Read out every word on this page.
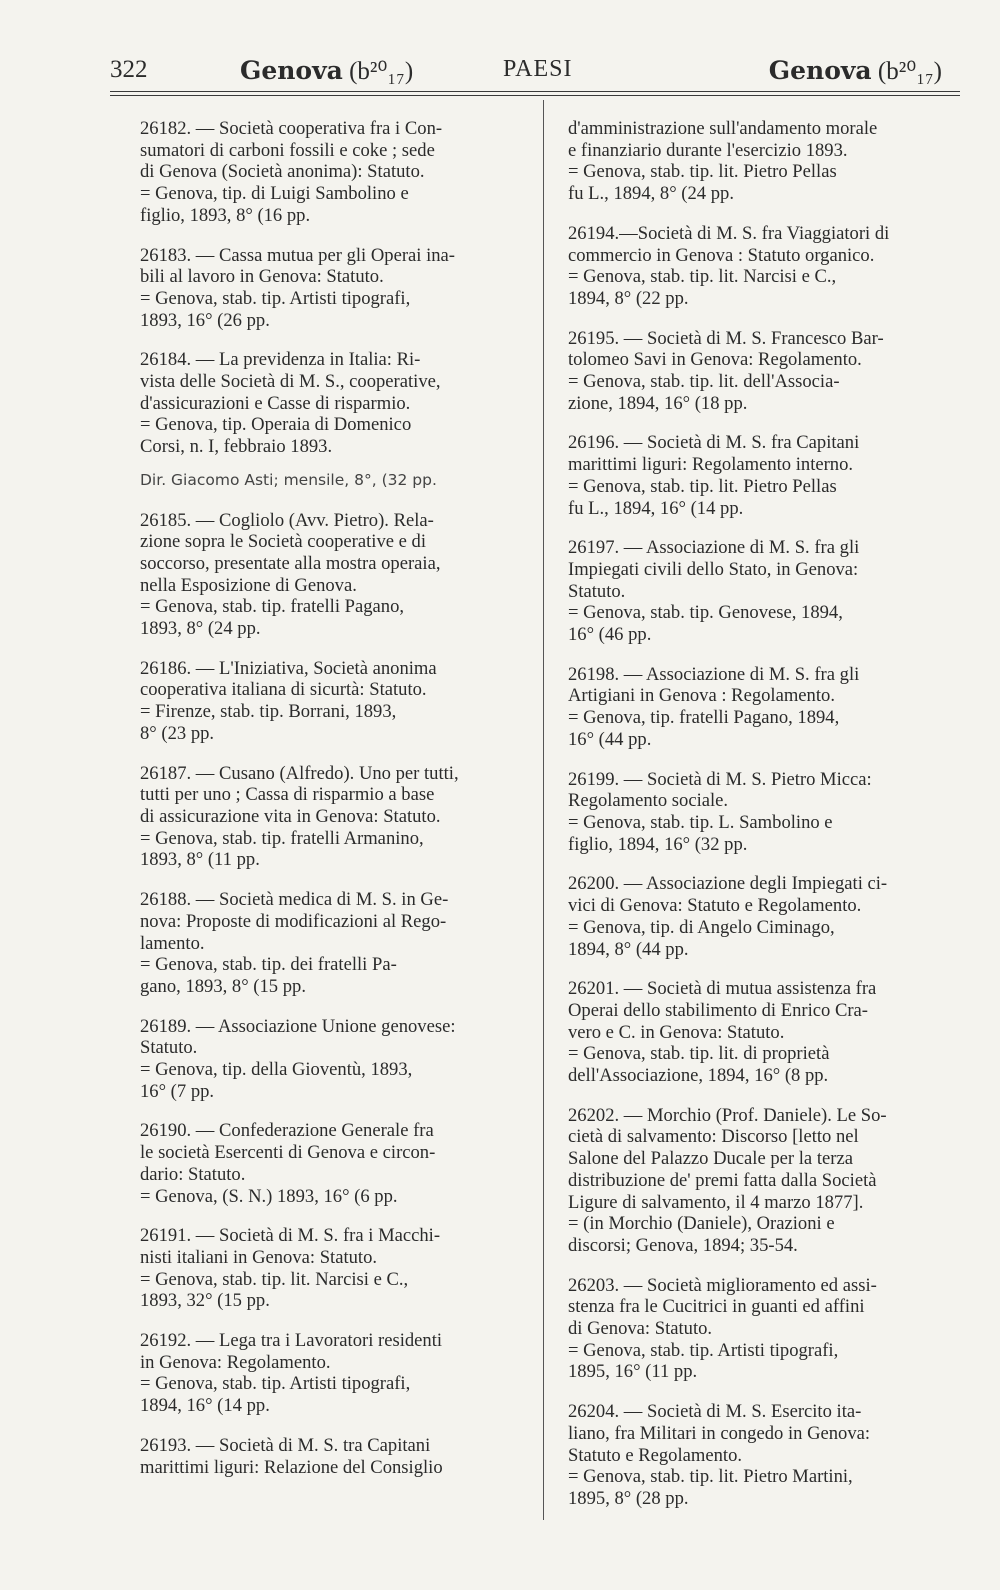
322	Genova (b²⁰₁₇)	PAESI	Genova (b²⁰₁₇)
26182. — Società cooperativa fra i Con-
sumatori di carboni fossili e coke ; sede
di Genova (Società anonima): Statuto.
= Genova, tip. di Luigi Sambolino e
figlio, 1893, 8° (16 pp.
26183. — Cassa mutua per gli Operai ina-
bili al lavoro in Genova: Statuto.
= Genova, stab. tip. Artisti tipografi,
1893, 16° (26 pp.
26184. — La previdenza in Italia: Ri-
vista delle Società di M. S., cooperative,
d'assicurazioni e Casse di risparmio.
= Genova, tip. Operaia di Domenico
Corsi, n. I, febbraio 1893.
Dir. Giacomo Asti; mensile, 8°, (32 pp.
26185. — Cogliolo (Avv. Pietro). Rela-
zione sopra le Società cooperative e di
soccorso, presentate alla mostra operaia,
nella Esposizione di Genova.
= Genova, stab. tip. fratelli Pagano,
1893, 8° (24 pp.
26186. — L'Iniziativa, Società anonima
cooperativa italiana di sicurtà: Statuto.
= Firenze, stab. tip. Borrani, 1893,
8° (23 pp.
26187. — Cusano (Alfredo). Uno per tutti,
tutti per uno ; Cassa di risparmio a base
di assicurazione vita in Genova: Statuto.
= Genova, stab. tip. fratelli Armanino,
1893, 8° (11 pp.
26188. — Società medica di M. S. in Ge-
nova: Proposte di modificazioni al Rego-
lamento.
= Genova, stab. tip. dei fratelli Pa-
gano, 1893, 8° (15 pp.
26189. — Associazione Unione genovese:
Statuto.
= Genova, tip. della Gioventù, 1893,
16° (7 pp.
26190. — Confederazione Generale fra
le società Esercenti di Genova e circon-
dario: Statuto.
= Genova, (S. N.) 1893, 16° (6 pp.
26191. — Società di M. S. fra i Macchi-
nisti italiani in Genova: Statuto.
= Genova, stab. tip. lit. Narcisi e C.,
1893, 32° (15 pp.
26192. — Lega tra i Lavoratori residenti
in Genova: Regolamento.
= Genova, stab. tip. Artisti tipografi,
1894, 16° (14 pp.
26193. — Società di M. S. tra Capitani
marittimi liguri: Relazione del Consiglio
d'amministrazione sull'andamento morale
e finanziario durante l'esercizio 1893.
= Genova, stab. tip. lit. Pietro Pellas
fu L., 1894, 8° (24 pp.
26194.—Società di M. S. fra Viaggiatori di
commercio in Genova : Statuto organico.
= Genova, stab. tip. lit. Narcisi e C.,
1894, 8° (22 pp.
26195. — Società di M. S. Francesco Bar-
tolomeo Savi in Genova: Regolamento.
= Genova, stab. tip. lit. dell'Associa-
zione, 1894, 16° (18 pp.
26196. — Società di M. S. fra Capitani
marittimi liguri: Regolamento interno.
= Genova, stab. tip. lit. Pietro Pellas
fu L., 1894, 16° (14 pp.
26197. — Associazione di M. S. fra gli
Impiegati civili dello Stato, in Genova:
Statuto.
= Genova, stab. tip. Genovese, 1894,
16° (46 pp.
26198. — Associazione di M. S. fra gli
Artigiani in Genova : Regolamento.
= Genova, tip. fratelli Pagano, 1894,
16° (44 pp.
26199. — Società di M. S. Pietro Micca:
Regolamento sociale.
= Genova, stab. tip. L. Sambolino e
figlio, 1894, 16° (32 pp.
26200. — Associazione degli Impiegati ci-
vici di Genova: Statuto e Regolamento.
= Genova, tip. di Angelo Ciminago,
1894, 8° (44 pp.
26201. — Società di mutua assistenza fra
Operai dello stabilimento di Enrico Cra-
vero e C. in Genova: Statuto.
= Genova, stab. tip. lit. di proprietà
dell'Associazione, 1894, 16° (8 pp.
26202. — Morchio (Prof. Daniele). Le So-
cietà di salvamento: Discorso [letto nel
Salone del Palazzo Ducale per la terza
distribuzione de' premi fatta dalla Società
Ligure di salvamento, il 4 marzo 1877].
= (in Morchio (Daniele), Orazioni e
discorsi; Genova, 1894; 35-54.
26203. — Società miglioramento ed assi-
stenza fra le Cucitrici in guanti ed affini
di Genova: Statuto.
= Genova, stab. tip. Artisti tipografi,
1895, 16° (11 pp.
26204. — Società di M. S. Esercito ita-
liano, fra Militari in congedo in Genova:
Statuto e Regolamento.
= Genova, stab. tip. lit. Pietro Martini,
1895, 8° (28 pp.
